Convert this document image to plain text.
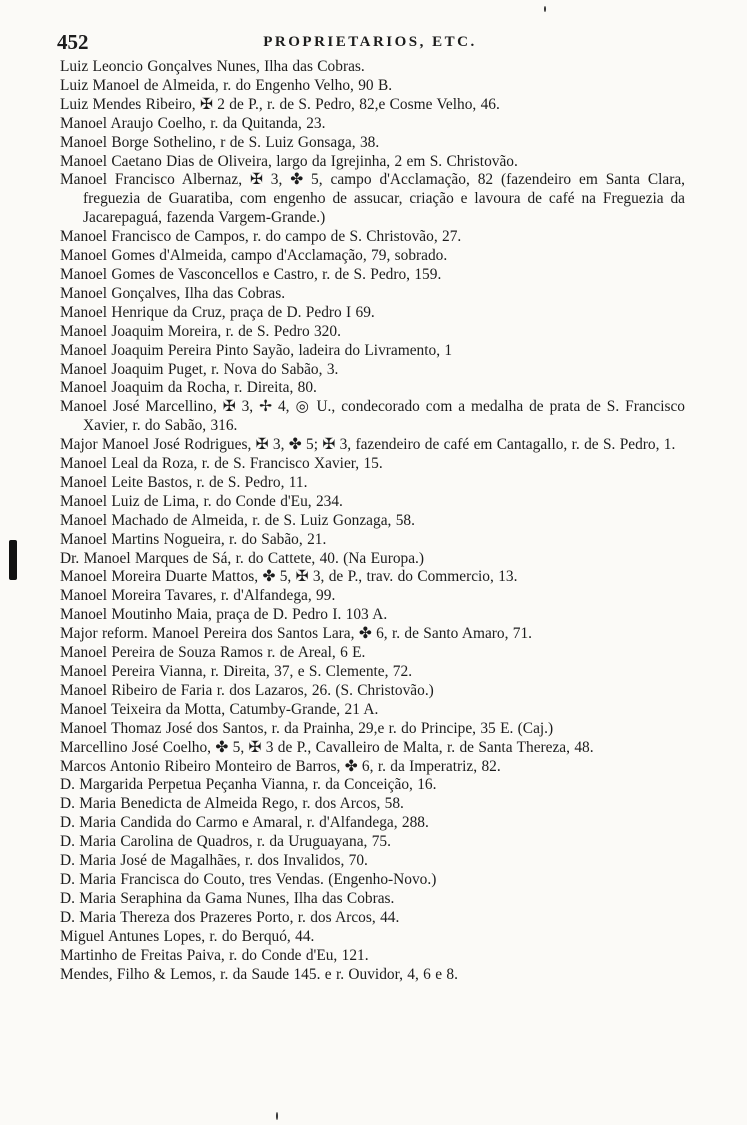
452	PROPRIETARIOS, ETC.
Luiz Leoncio Gonçalves Nunes, Ilha das Cobras.
Luiz Manoel de Almeida, r. do Engenho Velho, 90 B.
Luiz Mendes Ribeiro, ✠ 2 de P., r. de S. Pedro, 82,e Cosme Velho, 46.
Manoel Araujo Coelho, r. da Quitanda, 23.
Manoel Borge Sothelino, r de S. Luiz Gonsaga, 38.
Manoel Caetano Dias de Oliveira, largo da Igrejinha, 2 em S. Christovão.
Manoel Francisco Albernaz, ✠ 3, ✤ 5, campo d'Acclamação, 82 (fazendeiro em Santa Clara, freguezia de Guaratiba, com engenho de assucar, criação e lavoura de café na Freguezia da Jacarepaguá, fazenda Vargem-Grande.)
Manoel Francisco de Campos, r. do campo de S. Christovão, 27.
Manoel Gomes d'Almeida, campo d'Acclamação, 79, sobrado.
Manoel Gomes de Vasconcellos e Castro, r. de S. Pedro, 159.
Manoel Gonçalves, Ilha das Cobras.
Manoel Henrique da Cruz, praça de D. Pedro I 69.
Manoel Joaquim Moreira, r. de S. Pedro 320.
Manoel Joaquim Pereira Pinto Sayão, ladeira do Livramento, 1
Manoel Joaquim Puget, r. Nova do Sabão, 3.
Manoel Joaquim da Rocha, r. Direita, 80.
Manoel José Marcellino, ✠ 3, ✢ 4, ◎ U., condecorado com a medalha de prata de S. Francisco Xavier, r. do Sabão, 316.
Major Manoel José Rodrigues, ✠ 3, ✤ 5; ✠ 3, fazendeiro de café em Cantagallo, r. de S. Pedro, 1.
Manoel Leal da Roza, r. de S. Francisco Xavier, 15.
Manoel Leite Bastos, r. de S. Pedro, 11.
Manoel Luiz de Lima, r. do Conde d'Eu, 234.
Manoel Machado de Almeida, r. de S. Luiz Gonzaga, 58.
Manoel Martins Nogueira, r. do Sabão, 21.
Dr. Manoel Marques de Sá, r. do Cattete, 40. (Na Europa.)
Manoel Moreira Duarte Mattos, ✤ 5, ✠ 3, de P., trav. do Commercio, 13.
Manoel Moreira Tavares, r. d'Alfandega, 99.
Manoel Moutinho Maia, praça de D. Pedro I. 103 A.
Major reform. Manoel Pereira dos Santos Lara, ✤ 6, r. de Santo Amaro, 71.
Manoel Pereira de Souza Ramos r. de Areal, 6 E.
Manoel Pereira Vianna, r. Direita, 37, e S. Clemente, 72.
Manoel Ribeiro de Faria r. dos Lazaros, 26. (S. Christovão.)
Manoel Teixeira da Motta, Catumby-Grande, 21 A.
Manoel Thomaz José dos Santos, r. da Prainha, 29,e r. do Principe, 35 E. (Caj.)
Marcellino José Coelho, ✤ 5, ✠ 3 de P., Cavalleiro de Malta, r. de Santa Thereza, 48.
Marcos Antonio Ribeiro Monteiro de Barros, ✤ 6, r. da Imperatriz, 82.
D. Margarida Perpetua Peçanha Vianna, r. da Conceição, 16.
D. Maria Benedicta de Almeida Rego, r. dos Arcos, 58.
D. Maria Candida do Carmo e Amaral, r. d'Alfandega, 288.
D. Maria Carolina de Quadros, r. da Uruguayana, 75.
D. Maria José de Magalhães, r. dos Invalidos, 70.
D. Maria Francisca do Couto, tres Vendas. (Engenho-Novo.)
D. Maria Seraphina da Gama Nunes, Ilha das Cobras.
D. Maria Thereza dos Prazeres Porto, r. dos Arcos, 44.
Miguel Antunes Lopes, r. do Berquó, 44.
Martinho de Freitas Paiva, r. do Conde d'Eu, 121.
Mendes, Filho & Lemos, r. da Saude 145. e r. Ouvidor, 4, 6 e 8.
